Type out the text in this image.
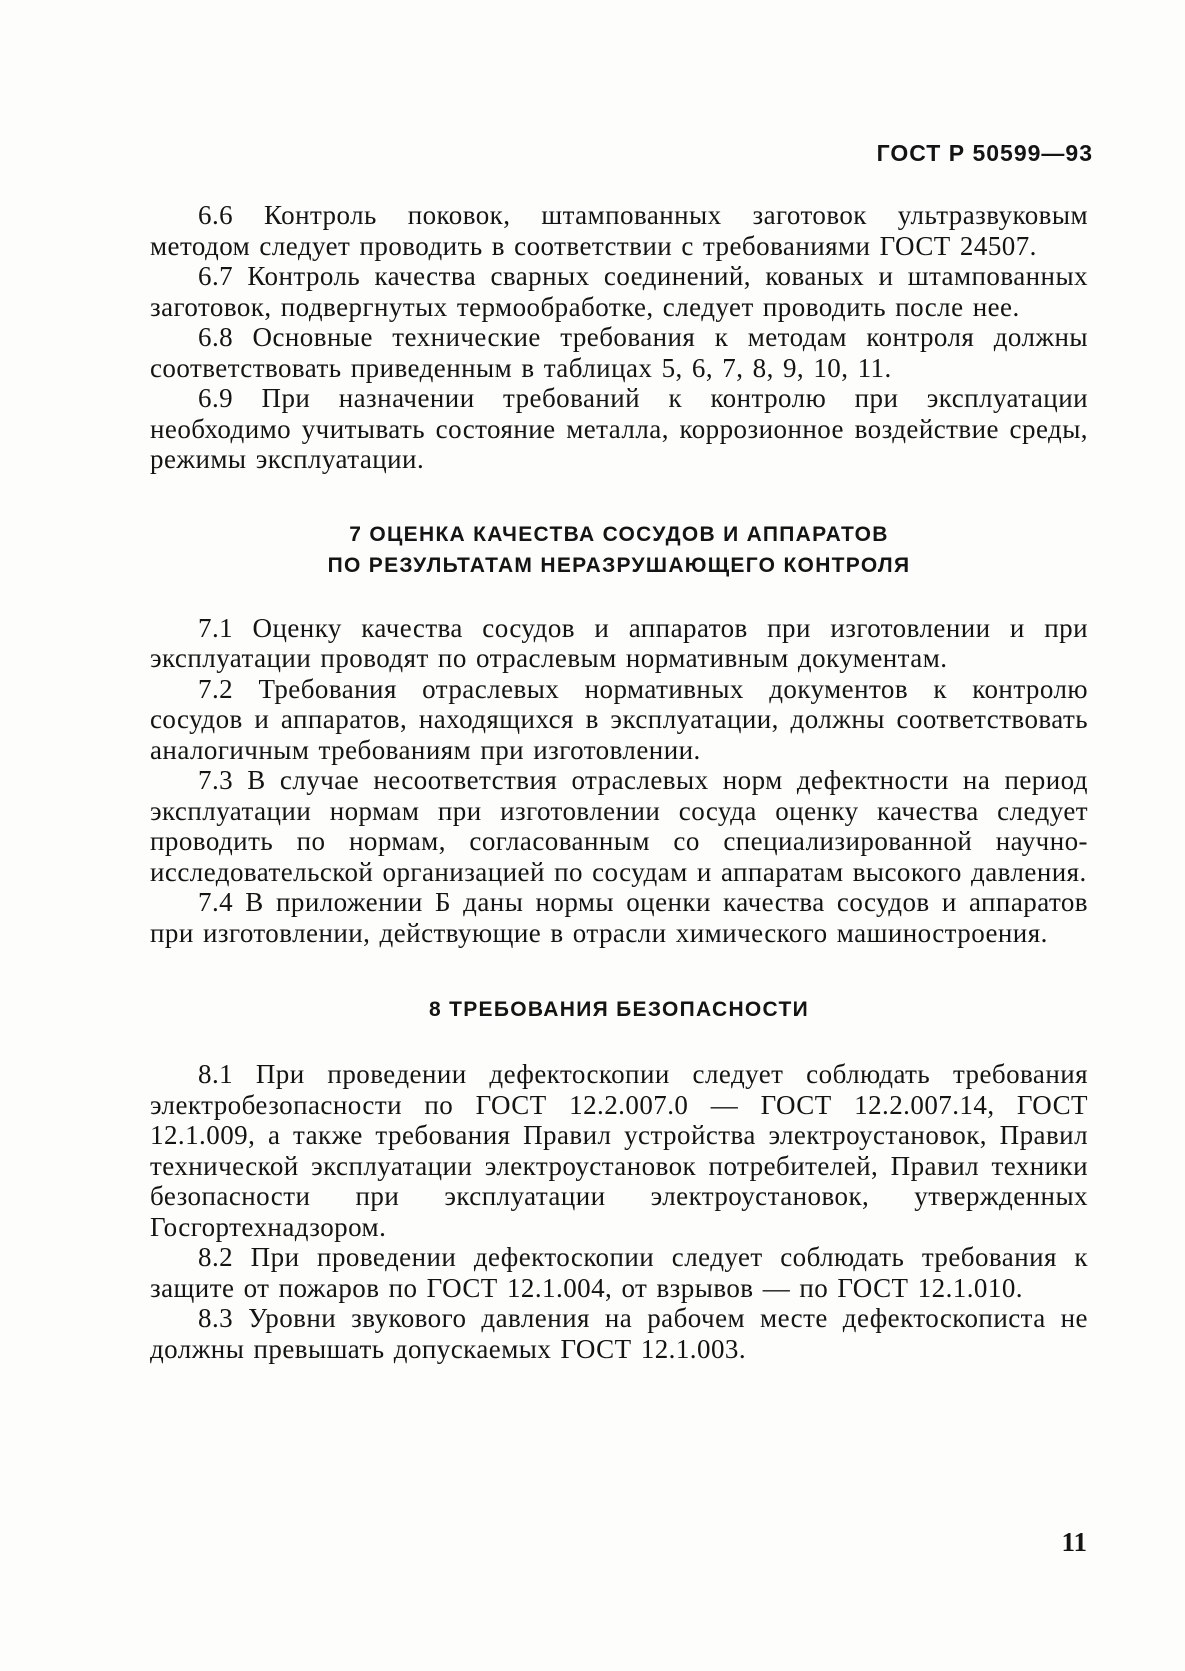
ГОСТ Р 50599—93

6.6 Контроль поковок, штампованных заготовок ультразвуковым методом следует проводить в соответствии с требованиями ГОСТ 24507.

6.7 Контроль качества сварных соединений, кованых и штампованных заготовок, подвергнутых термообработке, следует проводить после нее.

6.8 Основные технические требования к методам контроля должны соответствовать приведенным в таблицах 5, 6, 7, 8, 9, 10, 11.

6.9 При назначении требований к контролю при эксплуатации необходимо учитывать состояние металла, коррозионное воздействие среды, режимы эксплуатации.

7 ОЦЕНКА КАЧЕСТВА СОСУДОВ И АППАРАТОВ
ПО РЕЗУЛЬТАТАМ НЕРАЗРУШАЮЩЕГО КОНТРОЛЯ

7.1 Оценку качества сосудов и аппаратов при изготовлении и при эксплуатации проводят по отраслевым нормативным документам.

7.2 Требования отраслевых нормативных документов к контролю сосудов и аппаратов, находящихся в эксплуатации, должны соответствовать аналогичным требованиям при изготовлении.

7.3 В случае несоответствия отраслевых норм дефектности на период эксплуатации нормам при изготовлении сосуда оценку качества следует проводить по нормам, согласованным со специализированной научно-исследовательской организацией по сосудам и аппаратам высокого давления.

7.4 В приложении Б даны нормы оценки качества сосудов и аппаратов при изготовлении, действующие в отрасли химического машиностроения.

8 ТРЕБОВАНИЯ БЕЗОПАСНОСТИ

8.1 При проведении дефектоскопии следует соблюдать требования электробезопасности по ГОСТ 12.2.007.0 — ГОСТ 12.2.007.14, ГОСТ 12.1.009, а также требования Правил устройства электроустановок, Правил технической эксплуатации электроустановок потребителей, Правил техники безопасности при эксплуатации электроустановок, утвержденных Госгортехнадзором.

8.2 При проведении дефектоскопии следует соблюдать требования к защите от пожаров по ГОСТ 12.1.004, от взрывов — по ГОСТ 12.1.010.

8.3 Уровни звукового давления на рабочем месте дефектоскописта не должны превышать допускаемых ГОСТ 12.1.003.

11
